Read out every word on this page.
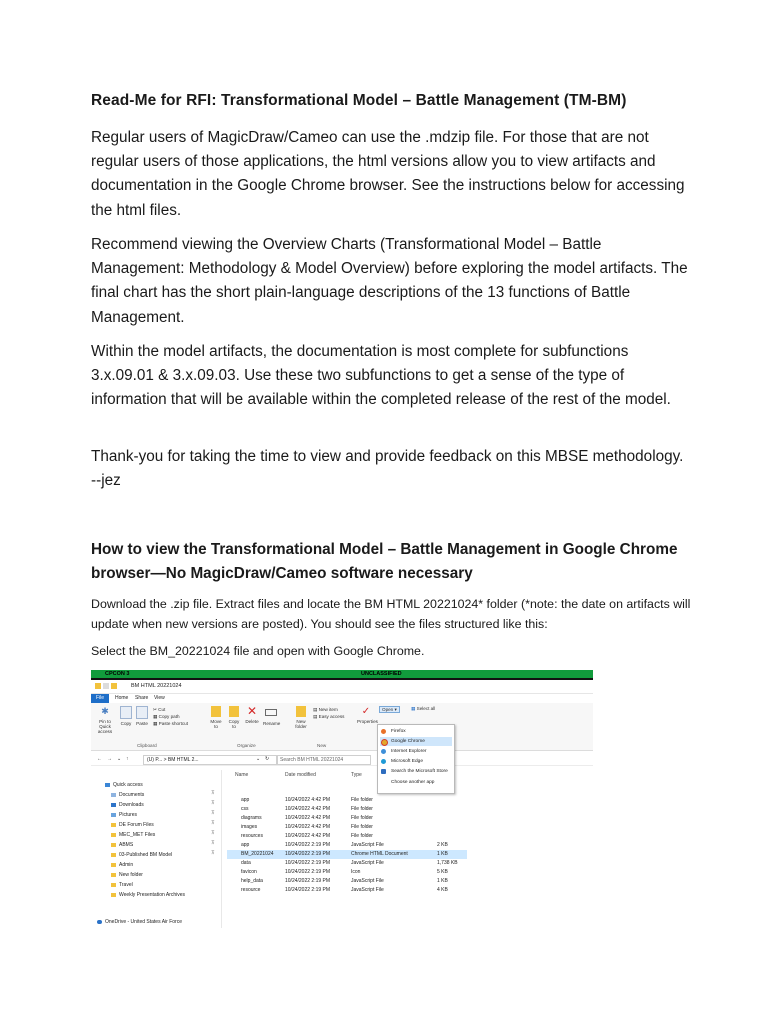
Read-Me for RFI: Transformational Model – Battle Management (TM-BM)
Regular users of MagicDraw/Cameo can use the .mdzip file. For those that are not regular users of those applications, the html versions allow you to view artifacts and documentation in the Google Chrome browser. See the instructions below for accessing the html files.
Recommend viewing the Overview Charts (Transformational Model – Battle Management: Methodology & Model Overview) before exploring the model artifacts. The final chart has the short plain-language descriptions of the 13 functions of Battle Management.
Within the model artifacts, the documentation is most complete for subfunctions 3.x.09.01 & 3.x.09.03. Use these two subfunctions to get a sense of the type of information that will be available within the completed release of the rest of the model.
Thank-you for taking the time to view and provide feedback on this MBSE methodology. --jez
How to view the Transformational Model – Battle Management in Google Chrome browser—No MagicDraw/Cameo software necessary
Download the .zip file. Extract files and locate the BM HTML 20221024* folder (*note: the date on artifacts will update when new versions are posted). You should see the files structured like this:
Select the BM_20221024 file and open with Google Chrome.
CPCON 3	UNCLASSIFIED
BM HTML 20221024
File	Home Share View
✱
Pin to Quick access
Copy	Paste
✂ Cut
▦ Copy path
▦ Paste shortcut
Clipboard
Move to
Copy to
✕
Delete Rename
Organize
New folder
▤ New item
▤ Easy access
New
✓
Properties
Open ▾	▦ Select all
← → ⌄ ↑	(U) P... > BM HTML 2...	⌄ ↻	Search BM HTML 20221024
Quick access
Documents
Downloads
Pictures
DE Forum Files
MEC_MET Files
ABMS
03-Published BM Model
Admin
New folder
Travel
Weekly Presentation Archives
⊼
⊼
⊼
⊼
⊼
⊼
⊼
OneDrive - United States Air Force
Name	Date modified	Type
app	10/24/2022 4:42 PM	File folder
css	10/24/2022 4:42 PM	File folder
diagrams	10/24/2022 4:42 PM	File folder
images	10/24/2022 4:42 PM	File folder
resources	10/24/2022 4:42 PM	File folder
app	10/24/2022 2:19 PM	JavaScript File	2 KB
BM_20221024 10/24/2022 2:19 PM	Chrome HTML Document	1 KB
data	10/24/2022 2:19 PM	JavaScript File	1,738 KB
favicon	10/24/2022 2:19 PM	Icon	5 KB
help_data	10/24/2022 2:19 PM	JavaScript File	1 KB
resource	10/24/2022 2:19 PM	JavaScript File	4 KB
Firefox
Google Chrome
Internet Explorer
Microsoft Edge
Search the Microsoft Store
Choose another app
